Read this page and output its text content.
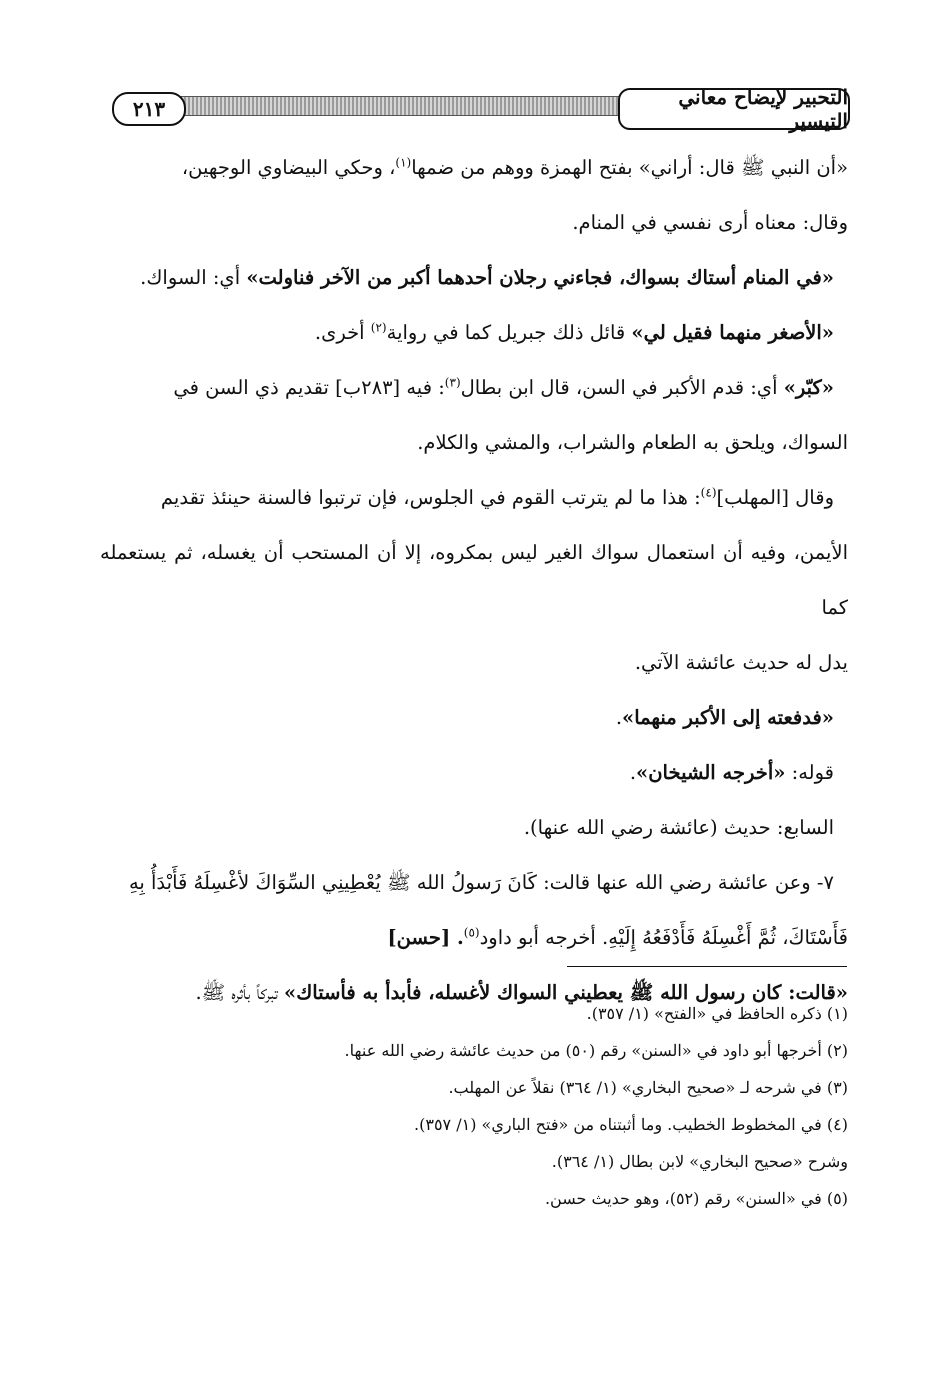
التحبير لإيضاح معاني التيسير
٢١٣

«أن النبي ﷺ قال: أراني» بفتح الهمزة ووهم من ضمها$^{(١)}$، وحكي البيضاوي الوجهين،

وقال: معناه أرى نفسي في المنام.

«في المنام أستاك بسواك، فجاءني رجلان أحدهما أكبر من الآخر فناولت» أي: السواك.

«الأصغر منهما فقيل لي» قائل ذلك جبريل كما في رواية$^{(٢)}$ أخرى.

«كبّر» أي: قدم الأكبر في السن، قال ابن بطال$^{(٣)}$: فيه [٢٨٣ب] تقديم ذي السن في

السواك، ويلحق به الطعام والشراب، والمشي والكلام.

وقال [المهلب]$^{(٤)}$: هذا ما لم يترتب القوم في الجلوس، فإن ترتبوا فالسنة حينئذ تقديم

الأيمن، وفيه أن استعمال سواك الغير ليس بمكروه، إلا أن المستحب أن يغسله، ثم يستعمله كما

يدل له حديث عائشة الآتي.

«فدفعته إلى الأكبر منهما».

قوله: «أخرجه الشيخان».

السابع: حديث (عائشة رضي الله عنها).

٧- وعن عائشة رضي الله عنها قالت: كَانَ رَسولُ الله ﷺ يُعْطِينِي السِّوَاكَ لأغْسِلَهُ فَأَبْدَأُ بِهِ

فَأَسْتَاكَ، ثُمَّ أَغْسِلَهُ فَأَدْفَعُهُ إِلَيْهِ. أخرجه أبو داود$^{(٥)}$. [حسن]

«قالت: كان رسول الله ﷺ يعطيني السواك لأغسله، فأبدأ به فأستاك» تبركاً بأثره ﷺ.

(١) ذكره الحافظ في «الفتح» (١/ ٣٥٧).

(٢) أخرجها أبو داود في «السنن» رقم (٥٠) من حديث عائشة رضي الله عنها.

(٣) في شرحه لـ «صحيح البخاري» (١/ ٣٦٤) نقلاً عن المهلب.

(٤) في المخطوط الخطيب. وما أثبتناه من «فتح الباري» (١/ ٣٥٧).

وشرح «صحيح البخاري» لابن بطال (١/ ٣٦٤).

(٥) في «السنن» رقم (٥٢)، وهو حديث حسن.
